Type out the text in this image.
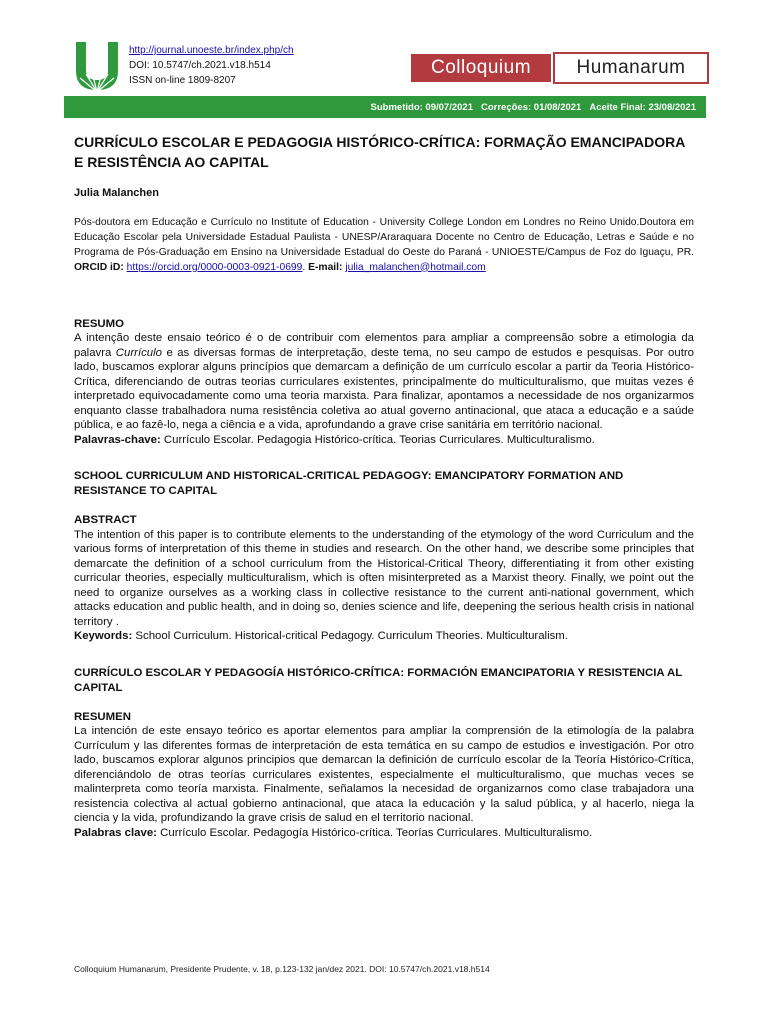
http://journal.unoeste.br/index.php/ch
DOI: 10.5747/ch.2021.v18.h514
ISSN on-line 1809-8207
Colloquium	Humanarum
Submetido: 09/07/2021 Correções: 01/08/2021 Aceite Final: 23/08/2021
CURRÍCULO ESCOLAR E PEDAGOGIA HISTÓRICO-CRÍTICA: FORMAÇÃO EMANCIPADORA E RESISTÊNCIA AO CAPITAL
Julia Malanchen
Pós-doutora em Educação e Currículo no Institute of Education - University College London em Londres no Reino Unido.Doutora em Educação Escolar pela Universidade Estadual Paulista - UNESP/Araraquara Docente no Centro de Educação, Letras e Saúde e no Programa de Pós-Graduação em Ensino na Universidade Estadual do Oeste do Paraná - UNIOESTE/Campus de Foz do Iguaçu, PR. ORCID iD: https://orcid.org/0000-0003-0921-0699. E-mail: julia_malanchen@hotmail.com
RESUMO
A intenção deste ensaio teórico é o de contribuir com elementos para ampliar a compreensão sobre a etimologia da palavra Currículo e as diversas formas de interpretação, deste tema, no seu campo de estudos e pesquisas. Por outro lado, buscamos explorar alguns princípios que demarcam a definição de um currículo escolar a partir da Teoria Histórico-Crítica, diferenciando de outras teorias curriculares existentes, principalmente do multiculturalismo, que muitas vezes é interpretado equivocadamente como uma teoria marxista. Para finalizar, apontamos a necessidade de nos organizarmos enquanto classe trabalhadora numa resistência coletiva ao atual governo antinacional, que ataca a educação e a saúde pública, e ao fazê-lo, nega a ciência e a vida, aprofundando a grave crise sanitária em território nacional.
Palavras-chave: Currículo Escolar. Pedagogia Histórico-crítica. Teorias Curriculares. Multiculturalismo.
SCHOOL CURRICULUM AND HISTORICAL-CRITICAL PEDAGOGY: EMANCIPATORY FORMATION AND RESISTANCE TO CAPITAL
ABSTRACT
The intention of this paper is to contribute elements to the understanding of the etymology of the word Curriculum and the various forms of interpretation of this theme in studies and research. On the other hand, we describe some principles that demarcate the definition of a school curriculum from the Historical-Critical Theory, differentiating it from other existing curricular theories, especially multiculturalism, which is often misinterpreted as a Marxist theory. Finally, we point out the need to organize ourselves as a working class in collective resistance to the current anti-national government, which attacks education and public health, and in doing so, denies science and life, deepening the serious health crisis in national territory .
Keywords: School Curriculum. Historical-critical Pedagogy. Curriculum Theories. Multiculturalism.
CURRÍCULO ESCOLAR Y PEDAGOGÍA HISTÓRICO-CRÍTICA: FORMACIÓN EMANCIPATORIA Y RESISTENCIA AL CAPITAL
RESUMEN
La intención de este ensayo teórico es aportar elementos para ampliar la comprensión de la etimología de la palabra Currículum y las diferentes formas de interpretación de esta temática en su campo de estudios e investigación. Por otro lado, buscamos explorar algunos principios que demarcan la definición de currículo escolar de la Teoría Histórico-Crítica, diferenciándolo de otras teorías curriculares existentes, especialmente el multiculturalismo, que muchas veces se malinterpreta como teoría marxista. Finalmente, señalamos la necesidad de organizarnos como clase trabajadora una resistencia colectiva al actual gobierno antinacional, que ataca la educación y la salud pública, y al hacerlo, niega la ciencia y la vida, profundizando la grave crisis de salud en el territorio nacional.
Palabras clave: Currículo Escolar. Pedagogía Histórico-crítica. Teorías Curriculares. Multiculturalismo.
Colloquium Humanarum, Presidente Prudente, v. 18, p.123-132 jan/dez 2021. DOI: 10.5747/ch.2021.v18.h514
